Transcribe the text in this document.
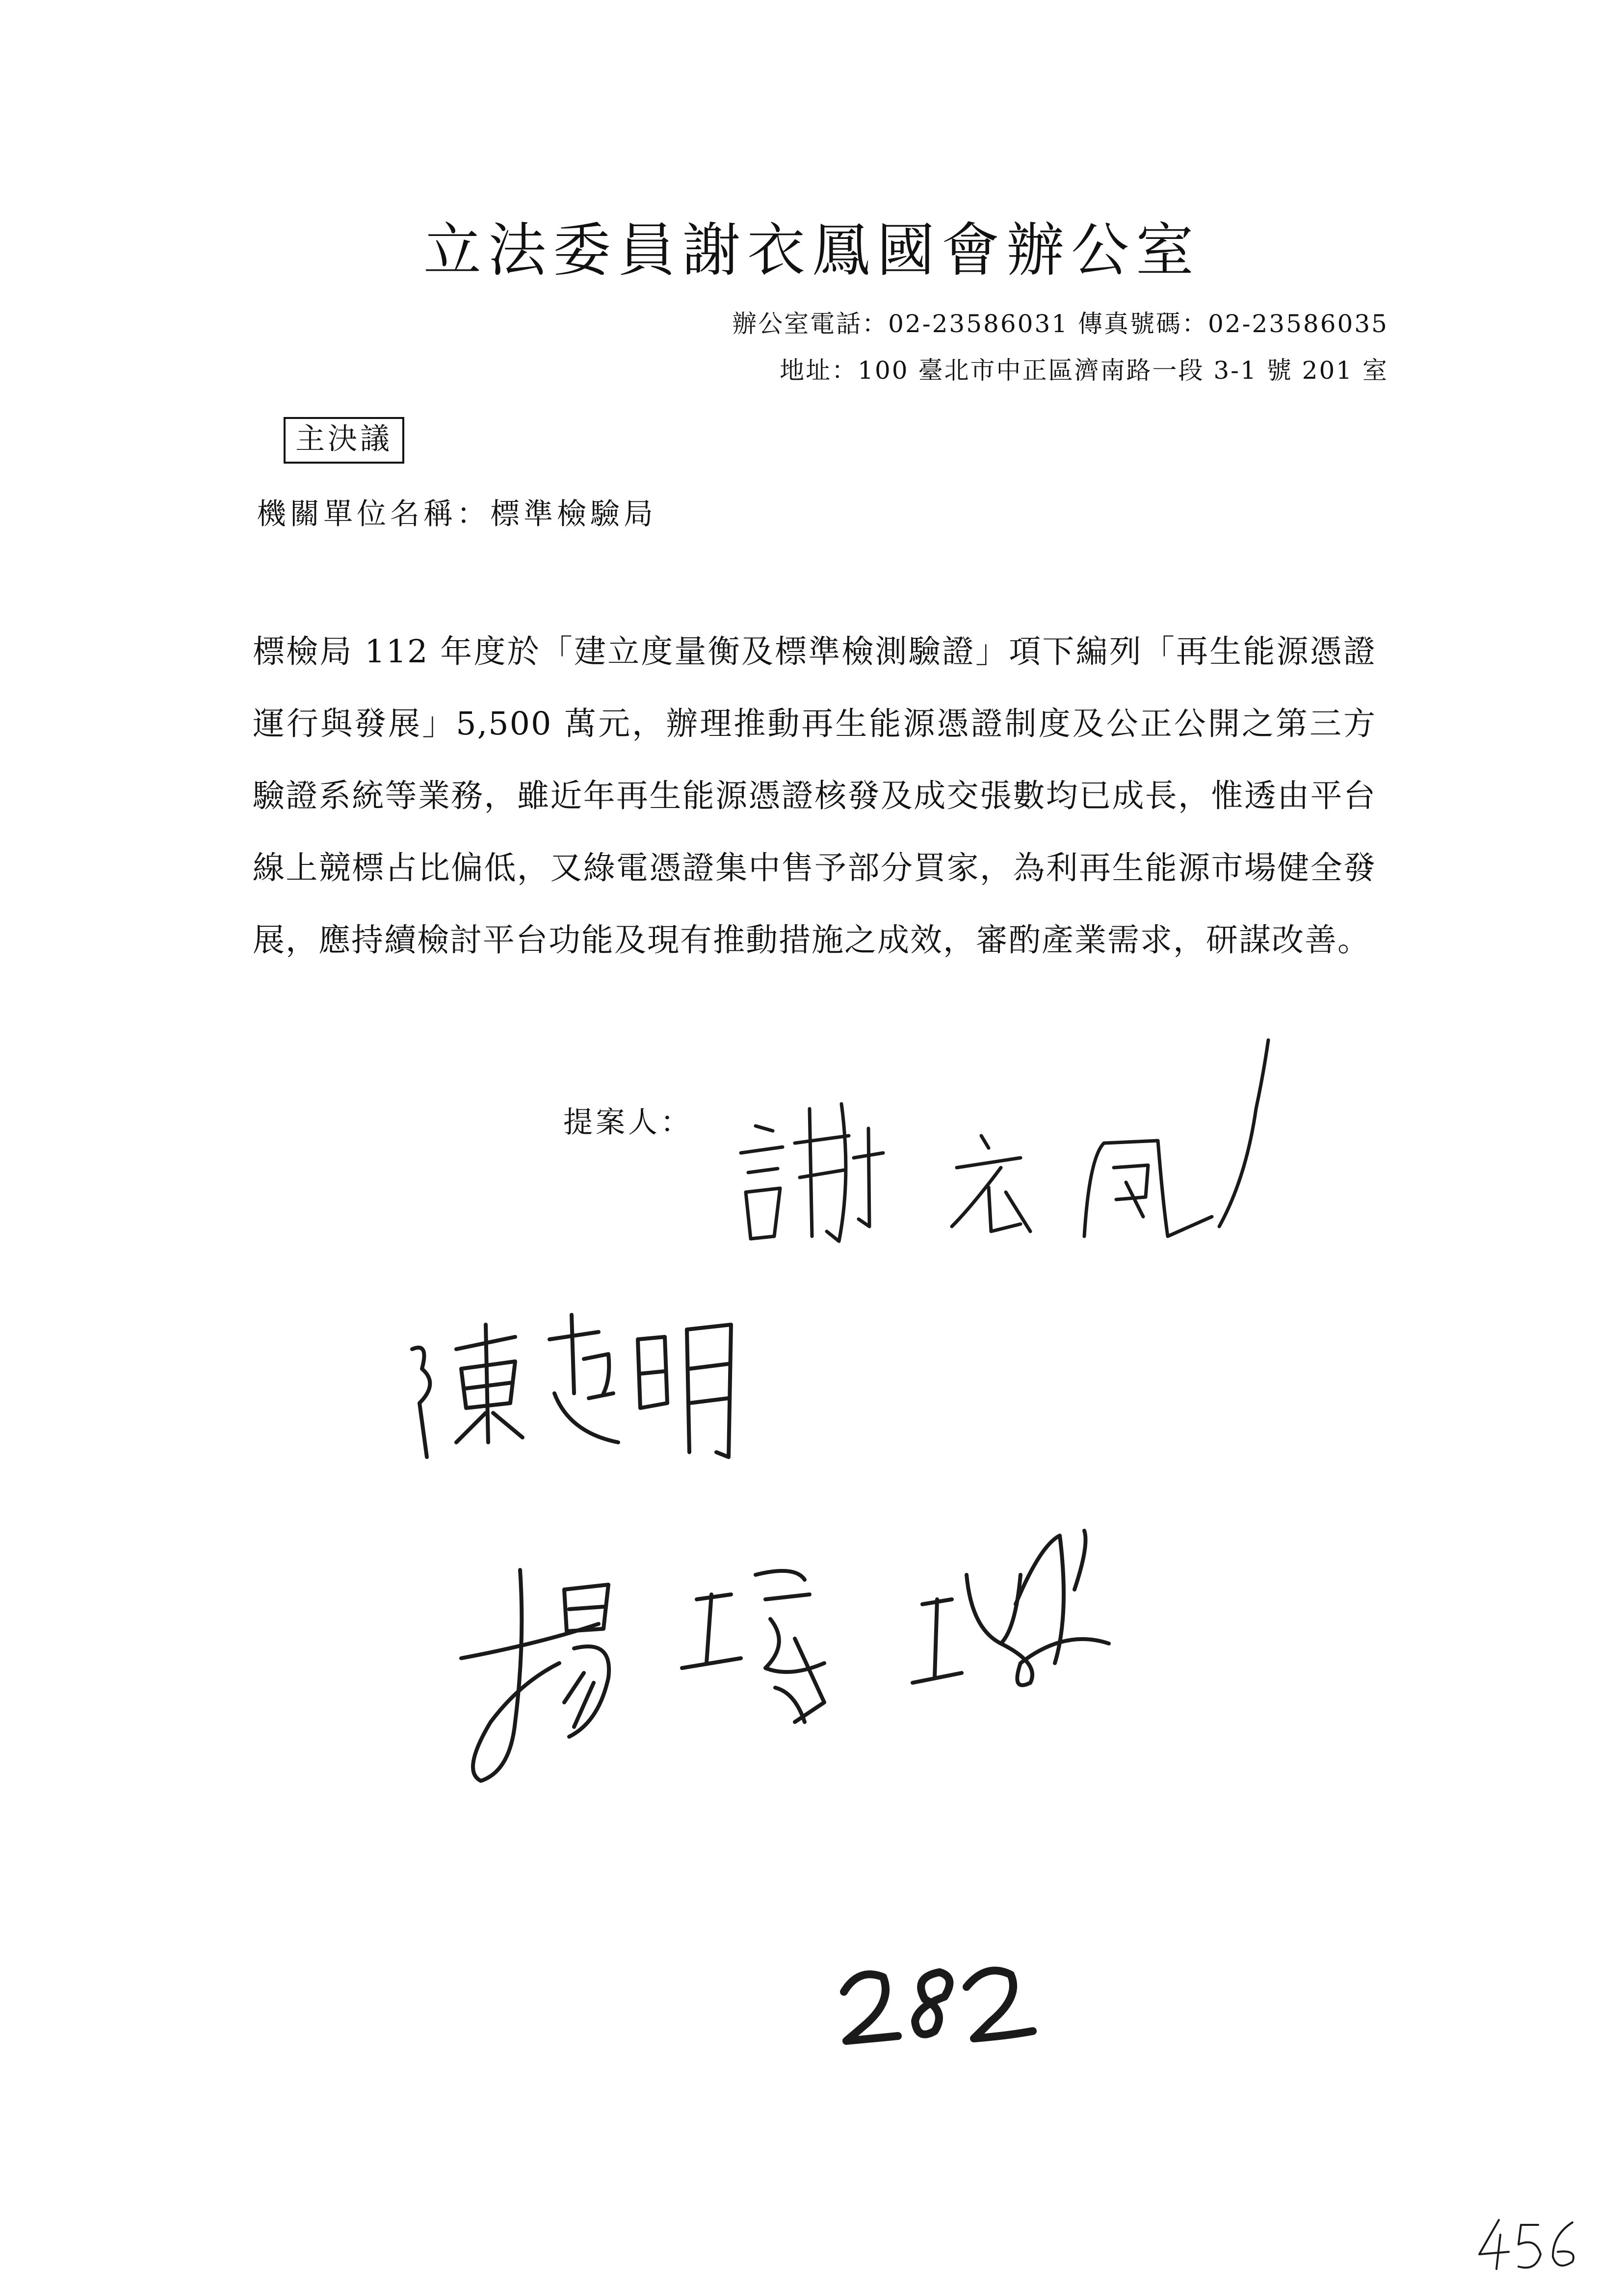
立法委員謝衣鳳國會辦公室
辦公室電話：02-23586031 傳真號碼：02-23586035
地址：100 臺北市中正區濟南路一段 3-1 號 201 室
主決議
機關單位名稱：標準檢驗局
標檢局 112 年度於「建立度量衡及標準檢測驗證」項下編列「再生能源憑證運行與發展」5,500 萬元，辦理推動再生能源憑證制度及公正公開之第三方驗證系統等業務，雖近年再生能源憑證核發及成交張數均已成長，惟透由平台線上競標占比偏低，又綠電憑證集中售予部分買家，為利再生能源市場健全發展，應持續檢討平台功能及現有推動措施之成效，審酌產業需求，研謀改善。
提案人：
